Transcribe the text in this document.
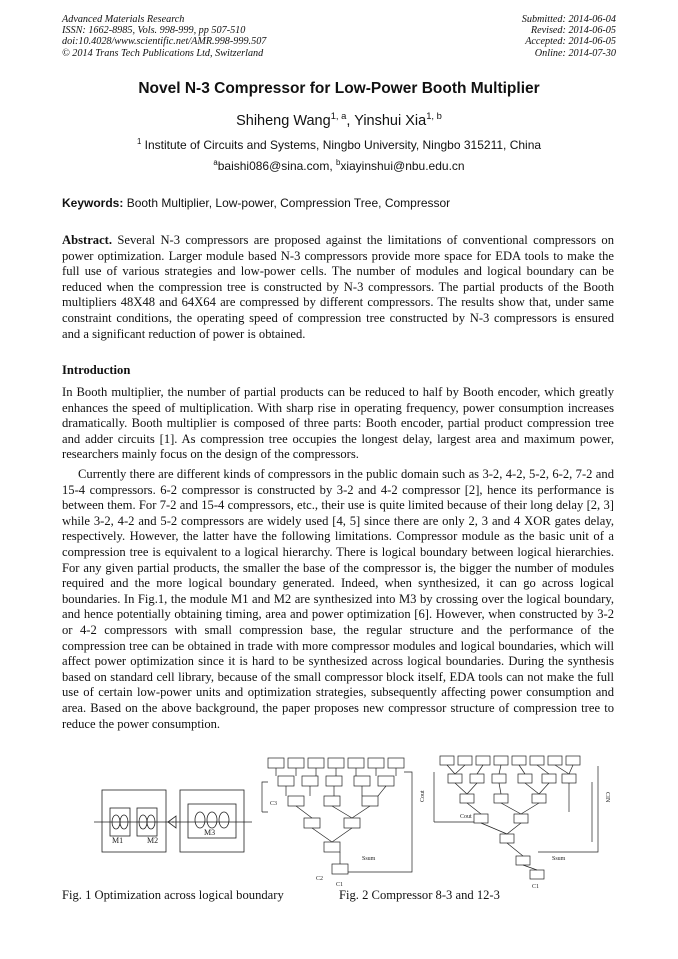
Advanced Materials Research
ISSN: 1662-8985, Vols. 998-999, pp 507-510
doi:10.4028/www.scientific.net/AMR.998-999.507
© 2014 Trans Tech Publications Ltd, Switzerland
Submitted: 2014-06-04
Revised: 2014-06-05
Accepted: 2014-06-05
Online: 2014-07-30
Novel N-3 Compressor for Low-Power Booth Multiplier
Shiheng Wang$^{1, a}$, Yinshui Xia$^{1, b}$
$^1$ Institute of Circuits and Systems, Ningbo University, Ningbo 315211, China
$^a$baishi086@sina.com, $^b$xiayinshui@nbu.edu.cn
Keywords: Booth Multiplier, Low-power, Compression Tree, Compressor
Abstract. Several N-3 compressors are proposed against the limitations of conventional compressors on power optimization. Larger module based N-3 compressors provide more space for EDA tools to make the full use of various strategies and low-power cells. The number of modules and logical boundary can be reduced when the compression tree is constructed by N-3 compressors. The partial products of the Booth multipliers 48X48 and 64X64 are compressed by different compressors. The results show that, under same constraint conditions, the operating speed of compression tree constructed by N-3 compressors is ensured and a significant reduction of power is obtained.
Introduction
In Booth multiplier, the number of partial products can be reduced to half by Booth encoder, which greatly enhances the speed of multiplication. With sharp rise in operating frequency, power consumption increases dramatically. Booth multiplier is composed of three parts: Booth encoder, partial product compression tree and adder circuits [1]. As compression tree occupies the longest delay, largest area and maximum power, researchers mainly focus on the design of the compressors.
Currently there are different kinds of compressors in the public domain such as 3-2, 4-2, 5-2, 6-2, 7-2 and 15-4 compressors. 6-2 compressor is constructed by 3-2 and 4-2 compressor [2], hence its performance is between them. For 7-2 and 15-4 compressors, etc., their use is quite limited because of their long delay [2, 3] while 3-2, 4-2 and 5-2 compressors are widely used [4, 5] since there are only 2, 3 and 4 XOR gates delay, respectively. However, the latter have the following limitations. Compressor module as the basic unit of a compression tree is equivalent to a logical hierarchy. There is logical boundary between logical hierarchies. For any given partial products, the smaller the base of the compressor is, the bigger the number of modules required and the more logical boundary generated. Indeed, when synthesized, it can go across logical boundaries. In Fig.1, the module M1 and M2 are synthesized into M3 by crossing over the logical boundary, and hence potentially obtaining timing, area and power optimization [6]. However, when constructed by 3-2 or 4-2 compressors with small compression base, the regular structure and the performance of the compression tree can be obtained in trade with more compressor modules and logical boundaries, which will affect power optimization since it is hard to be synthesized across logical boundaries. During the synthesis based on standard cell library, because of the small compressor block itself, EDA tools can not make the full use of certain low-power units and optimization strategies, subsequently affecting power consumption and area. Based on the above background, the paper proposes new compressor structure of compression tree to reduce the power consumption.
M1	M2
M3
C3
Ssum
C2
C1
Cout	CIN
Cout
Ssum
C1
Fig. 1 Optimization across logical boundary	Fig. 2 Compressor 8-3 and 12-3
